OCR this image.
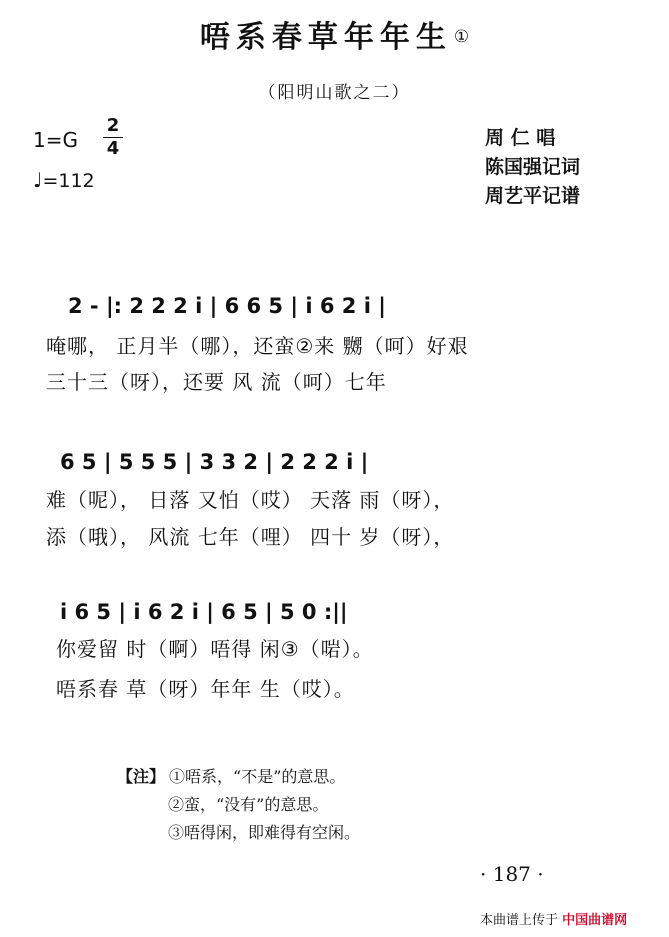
唔系春草年年生 ①
（阳明山歌之二）
1=G
2
4
♩=112
周 仁 唱
陈国强记词
周艺平记谱
2 - |: 2 2 2 i | 6 6 5 | i 6 2 i |
唵哪， 正月半（哪），还蛮②来 嬲（呵）好艰
三十三（呀），还要 风 流（呵）七年
6 5 | 5 5 5 | 3 3 2 | 2 2 2 i |
难（呢）， 日落 又怕（哎） 天落 雨（呀），
添（哦）， 风流 七年（哩） 四十 岁（呀），
i 6 5 | i 6 2 i | 6 5 | 5 0 :||
你爱留 时（啊）唔得 闲③（啱）。
唔系春 草（呀）年年 生（哎）。
【注】 ①唔系，“不是”的意思。
②蛮，“没有”的意思。
③唔得闲，即难得有空闲。
· 187 ·
本曲谱上传于 中国曲谱网
